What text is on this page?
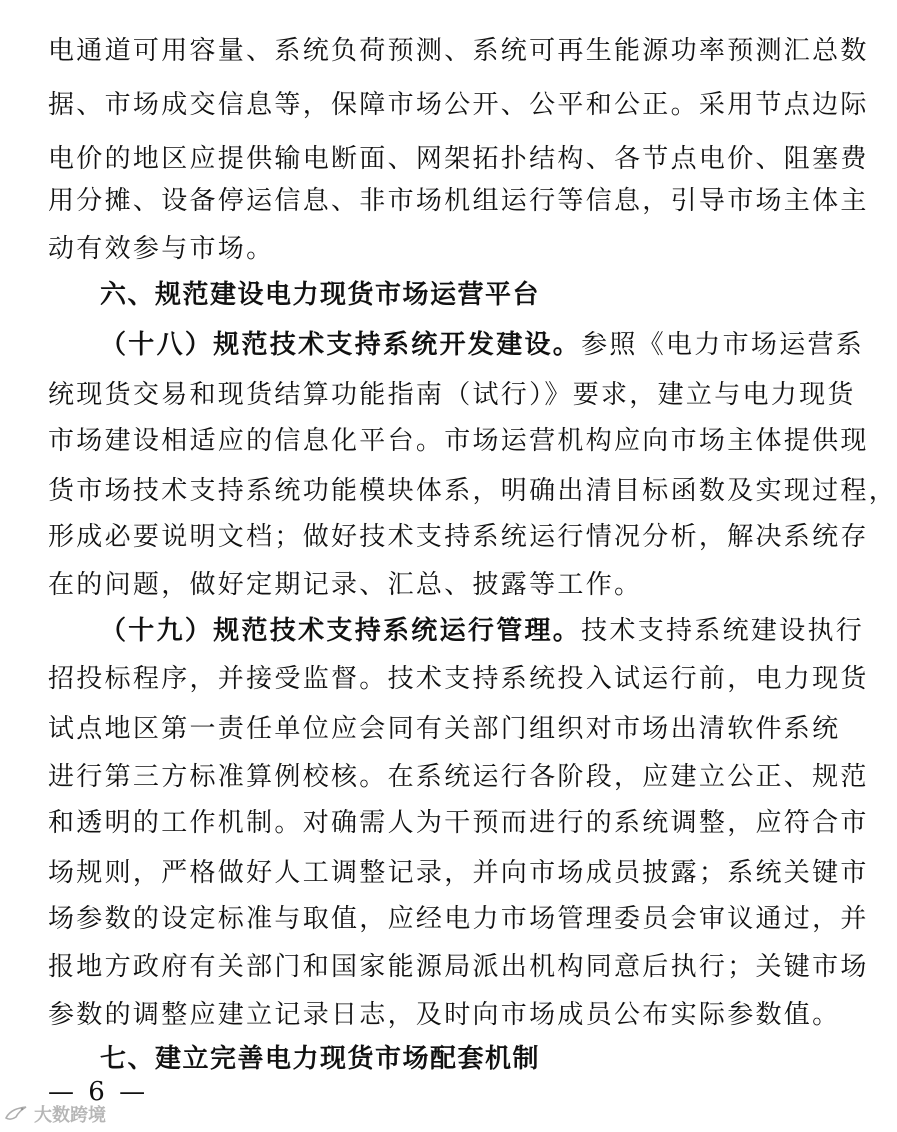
电通道可用容量、系统负荷预测、系统可再生能源功率预测汇总数
据、市场成交信息等，保障市场公开、公平和公正。采用节点边际
电价的地区应提供输电断面、网架拓扑结构、各节点电价、阻塞费
用分摊、设备停运信息、非市场机组运行等信息，引导市场主体主
动有效参与市场。
六、规范建设电力现货市场运营平台
（十八）规范技术支持系统开发建设。参照《电力市场运营系
统现货交易和现货结算功能指南（试行）》要求，建立与电力现货
市场建设相适应的信息化平台。市场运营机构应向市场主体提供现
货市场技术支持系统功能模块体系，明确出清目标函数及实现过程，
形成必要说明文档；做好技术支持系统运行情况分析，解决系统存
在的问题，做好定期记录、汇总、披露等工作。
（十九）规范技术支持系统运行管理。技术支持系统建设执行
招投标程序，并接受监督。技术支持系统投入试运行前，电力现货
试点地区第一责任单位应会同有关部门组织对市场出清软件系统
进行第三方标准算例校核。在系统运行各阶段，应建立公正、规范
和透明的工作机制。对确需人为干预而进行的系统调整，应符合市
场规则，严格做好人工调整记录，并向市场成员披露；系统关键市
场参数的设定标准与取值，应经电力市场管理委员会审议通过，并
报地方政府有关部门和国家能源局派出机构同意后执行；关键市场
参数的调整应建立记录日志，及时向市场成员公布实际参数值。
七、建立完善电力现货市场配套机制
— 6 —
大数跨境
